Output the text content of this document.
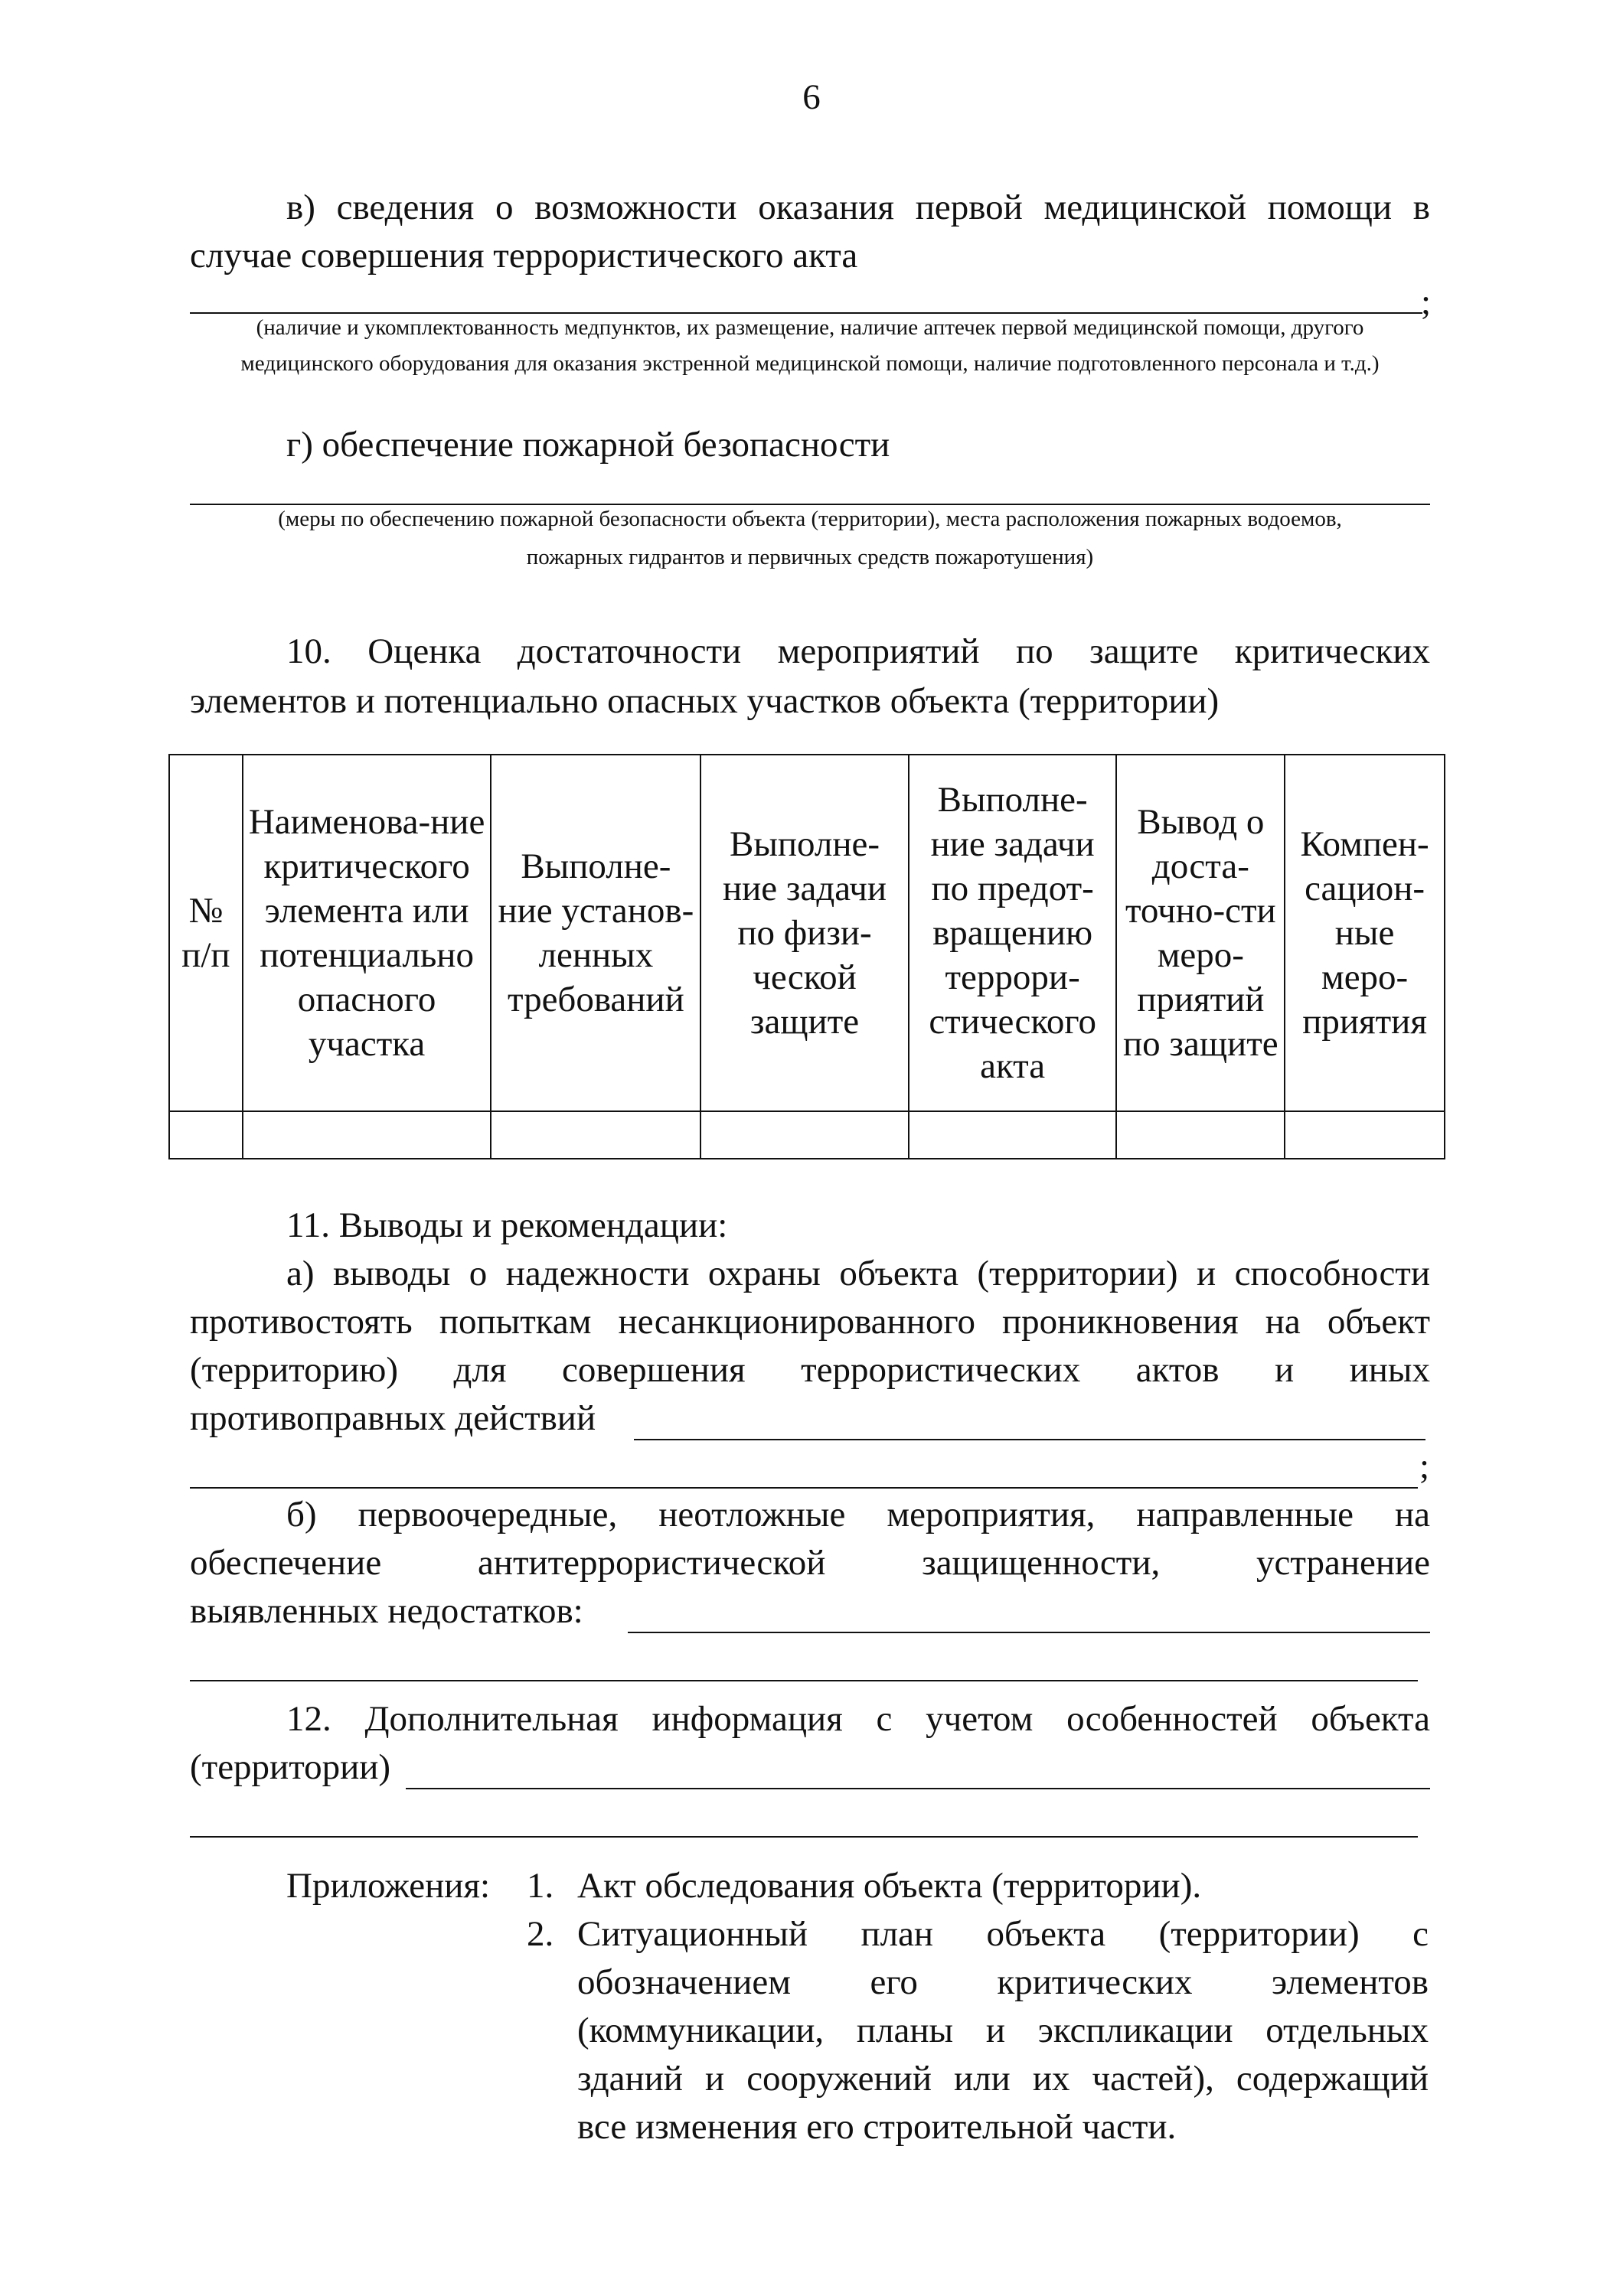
6
в) сведения о возможности оказания первой медицинской помощи в
случае совершения террористического акта
;
(наличие и укомплектованность медпунктов, их размещение, наличие аптечек первой медицинской помощи, другого
медицинского оборудования для оказания экстренной медицинской помощи, наличие подготовленного персонала и т.д.)
г) обеспечение пожарной безопасности
(меры по обеспечению пожарной безопасности объекта (территории), места расположения пожарных водоемов,
пожарных гидрантов и первичных средств пожаротушения)
10. Оценка достаточности мероприятий по защите критических
элементов и потенциально опасных участков объекта (территории)
№ п/п	Наименова-ние критического элемента или потенциально опасного участка	Выполне-ние установ-ленных требований	Выполне-ние задачи по физи-ческой защите	Выполне-ние задачи по предот-вращению террори-стического акта	Вывод о доста-точно-сти меро-приятий по защите	Компен-сацион-ные меро-приятия

11. Выводы и рекомендации:
а) выводы о надежности охраны объекта (территории) и способности
противостоять попыткам несанкционированного проникновения на объект
(территорию) для совершения террористических актов и иных
противоправных действий
;
б) первоочередные, неотложные мероприятия, направленные на
обеспечение антитеррористической защищенности, устранение
выявленных недостатков:
12. Дополнительная информация с учетом особенностей объекта
(территории)
Приложения: 1. Акт обследования объекта (территории).
2. Ситуационный план объекта (территории) с
обозначением его критических элементов
(коммуникации, планы и экспликации отдельных
зданий и сооружений или их частей), содержащий
все изменения его строительной части.
